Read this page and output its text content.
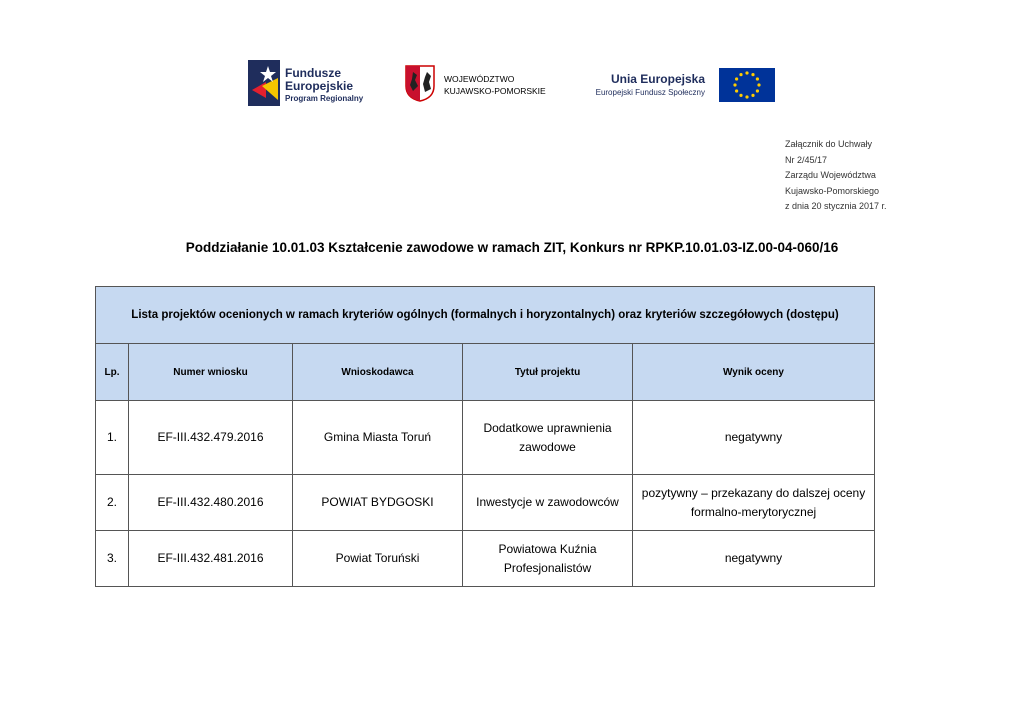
Fundusze
Europejskie
Program Regionalny
WOJEWÓDZTWO
KUJAWSKO-POMORSKIE
Unia Europejska
Europejski Fundusz Społeczny
Załącznik do Uchwały
Nr 2/45/17
Zarządu Województwa
Kujawsko-Pomorskiego
z dnia 20 stycznia 2017 r.
Poddziałanie 10.01.03 Kształcenie zawodowe w ramach ZIT, Konkurs nr RPKP.10.01.03-IZ.00-04-060/16
Lista projektów ocenionych w ramach kryteriów ogólnych (formalnych i horyzontalnych) oraz kryteriów szczegółowych (dostępu)				
Lp.	Numer wniosku	Wnioskodawca	Tytuł projektu	Wynik oceny
1.	EF-III.432.479.2016	Gmina Miasta Toruń	Dodatkowe uprawnienia zawodowe	negatywny
2.	EF-III.432.480.2016	POWIAT BYDGOSKI	Inwestycje w zawodowców	pozytywny – przekazany do dalszej oceny formalno-merytorycznej
3.	EF-III.432.481.2016	Powiat Toruński	Powiatowa Kuźnia Profesjonalistów	negatywny
